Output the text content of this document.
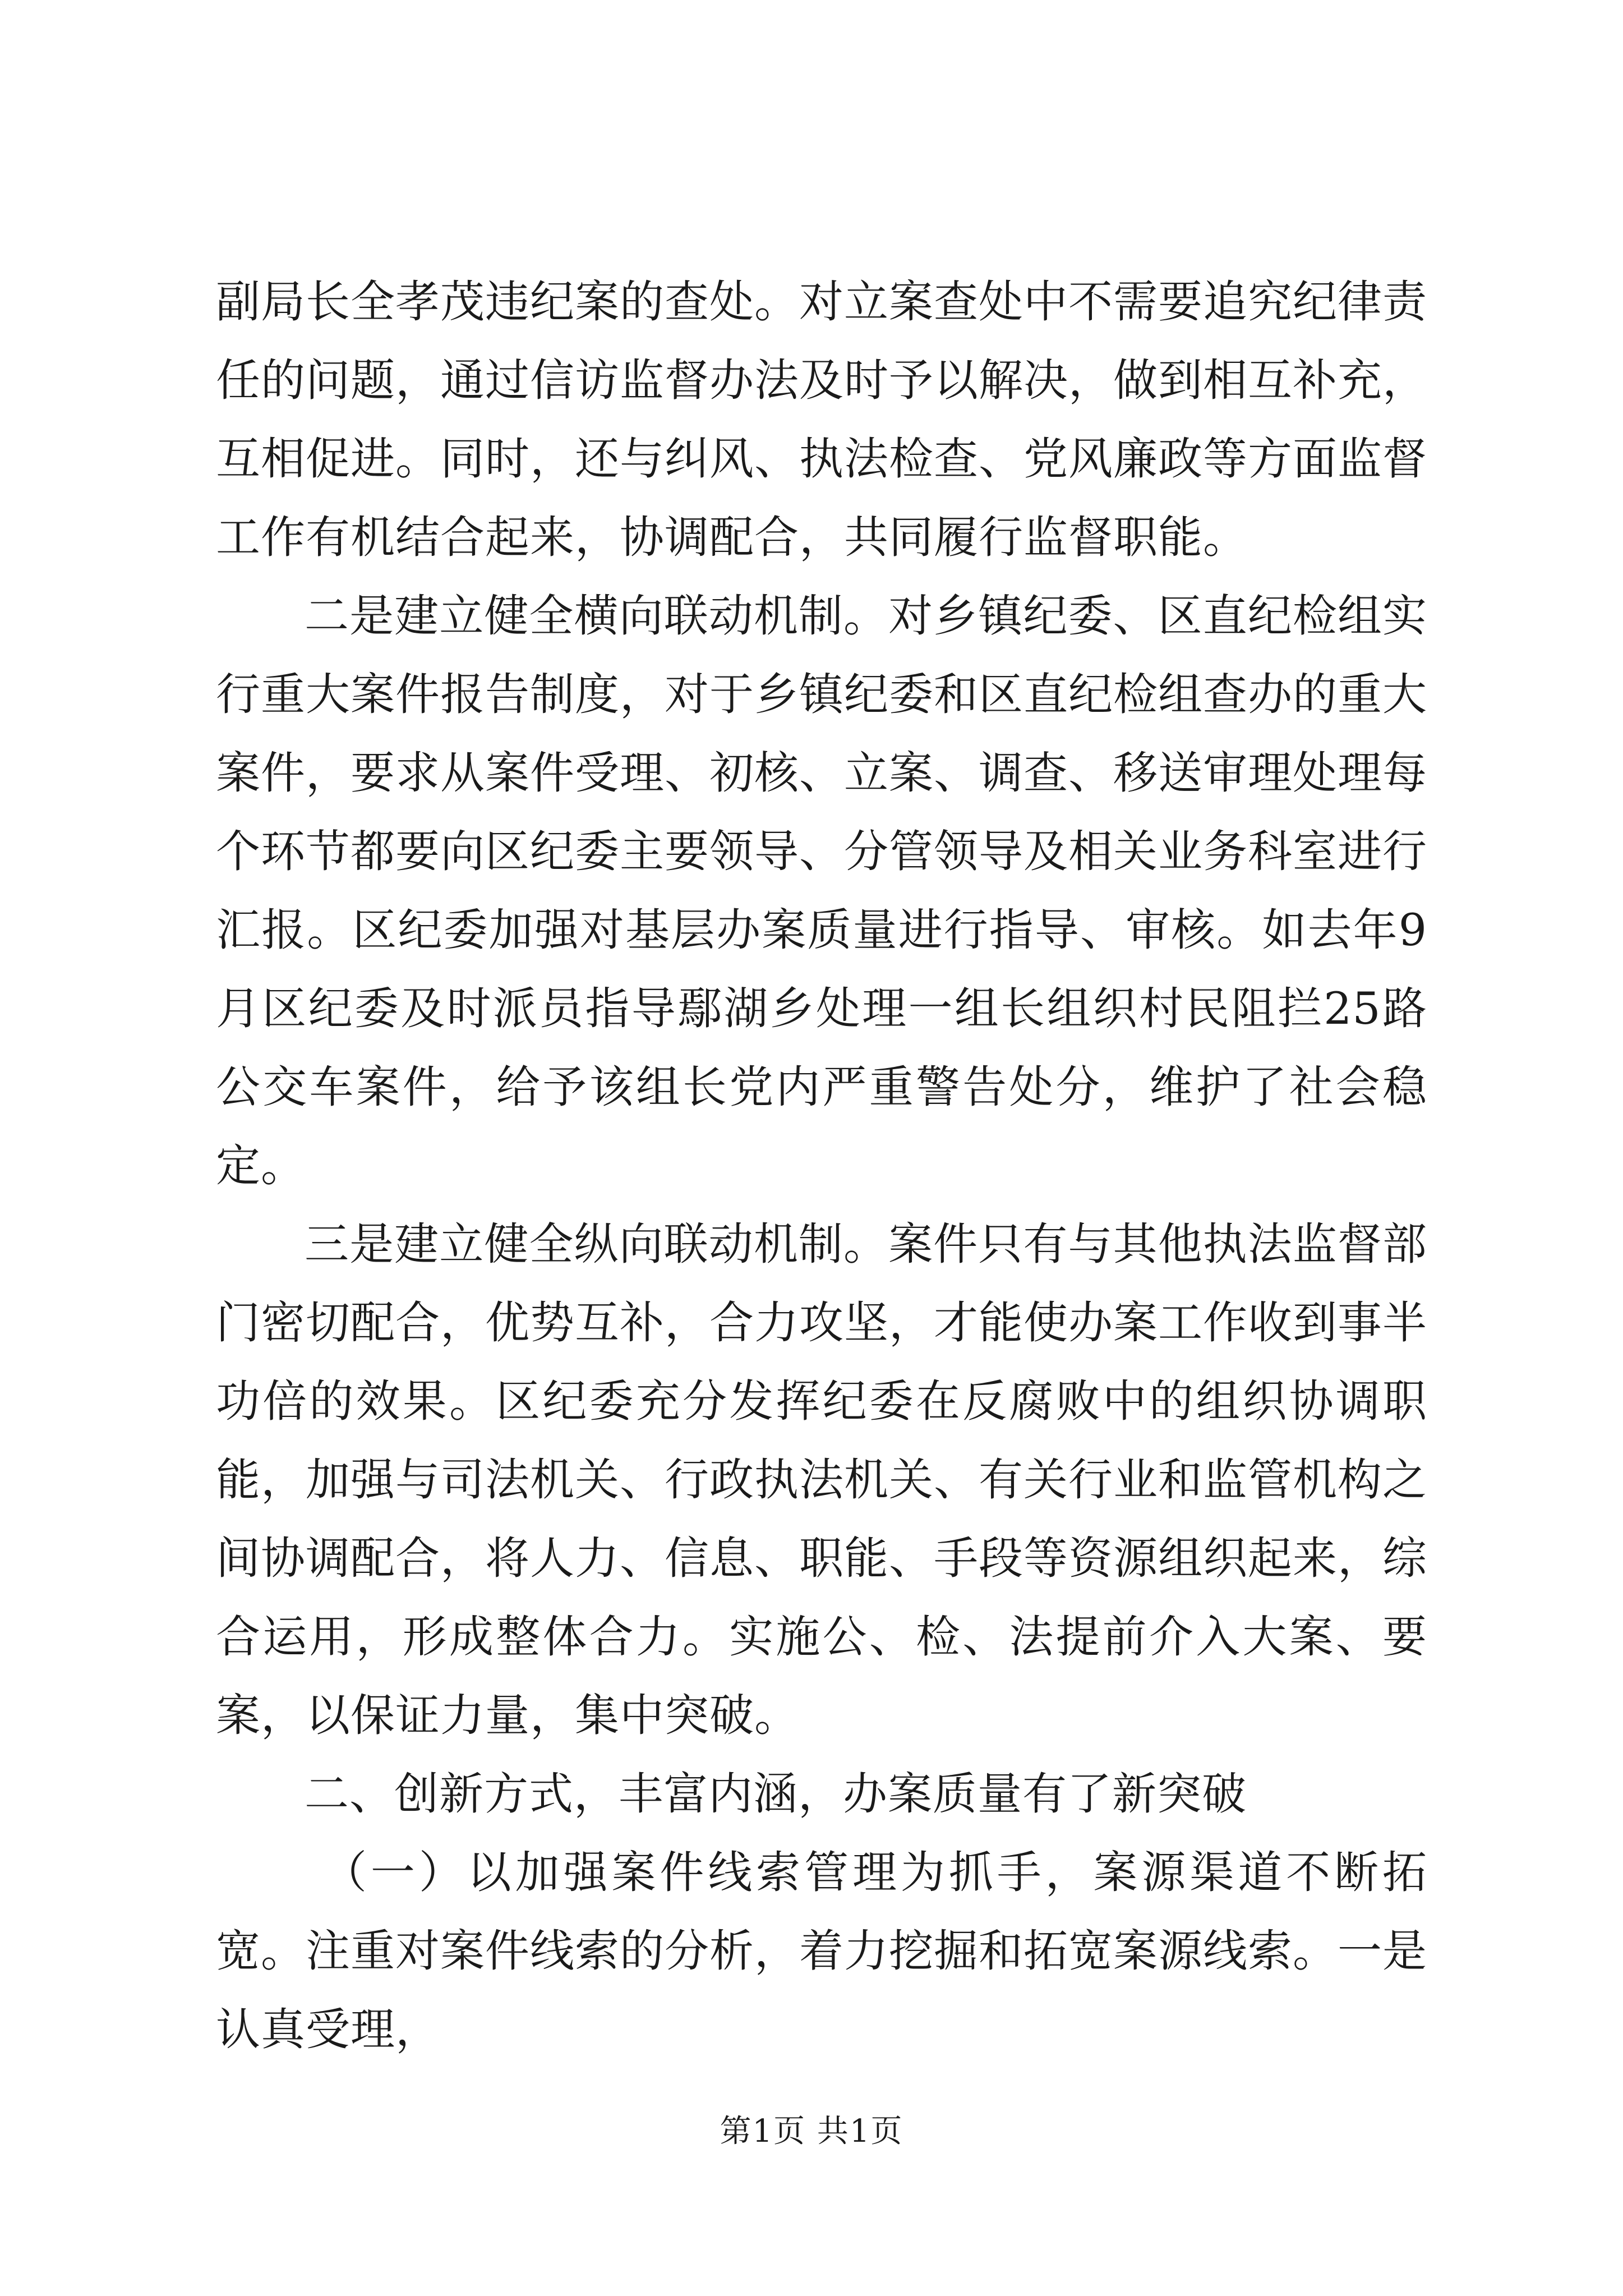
副局长全孝茂违纪案的查处。对立案查处中不需要追究纪律责任的问题，通过信访监督办法及时予以解决，做到相互补充，互相促进。同时，还与纠风、执法检查、党风廉政等方面监督工作有机结合起来，协调配合，共同履行监督职能。

二是建立健全横向联动机制。对乡镇纪委、区直纪检组实行重大案件报告制度，对于乡镇纪委和区直纪检组查办的重大案件，要求从案件受理、初核、立案、调查、移送审理处理每个环节都要向区纪委主要领导、分管领导及相关业务科室进行汇报。区纪委加强对基层办案质量进行指导、审核。如去年9月区纪委及时派员指导鄢湖乡处理一组长组织村民阻拦25路公交车案件，给予该组长党内严重警告处分，维护了社会稳定。

三是建立健全纵向联动机制。案件只有与其他执法监督部门密切配合，优势互补，合力攻坚，才能使办案工作收到事半功倍的效果。区纪委充分发挥纪委在反腐败中的组织协调职能，加强与司法机关、行政执法机关、有关行业和监管机构之间协调配合，将人力、信息、职能、手段等资源组织起来，综合运用，形成整体合力。实施公、检、法提前介入大案、要案，以保证力量，集中突破。

二、创新方式，丰富内涵，办案质量有了新突破

（一）以加强案件线索管理为抓手，案源渠道不断拓宽。注重对案件线索的分析，着力挖掘和拓宽案源线索。一是认真受理，

第1页 共1页
